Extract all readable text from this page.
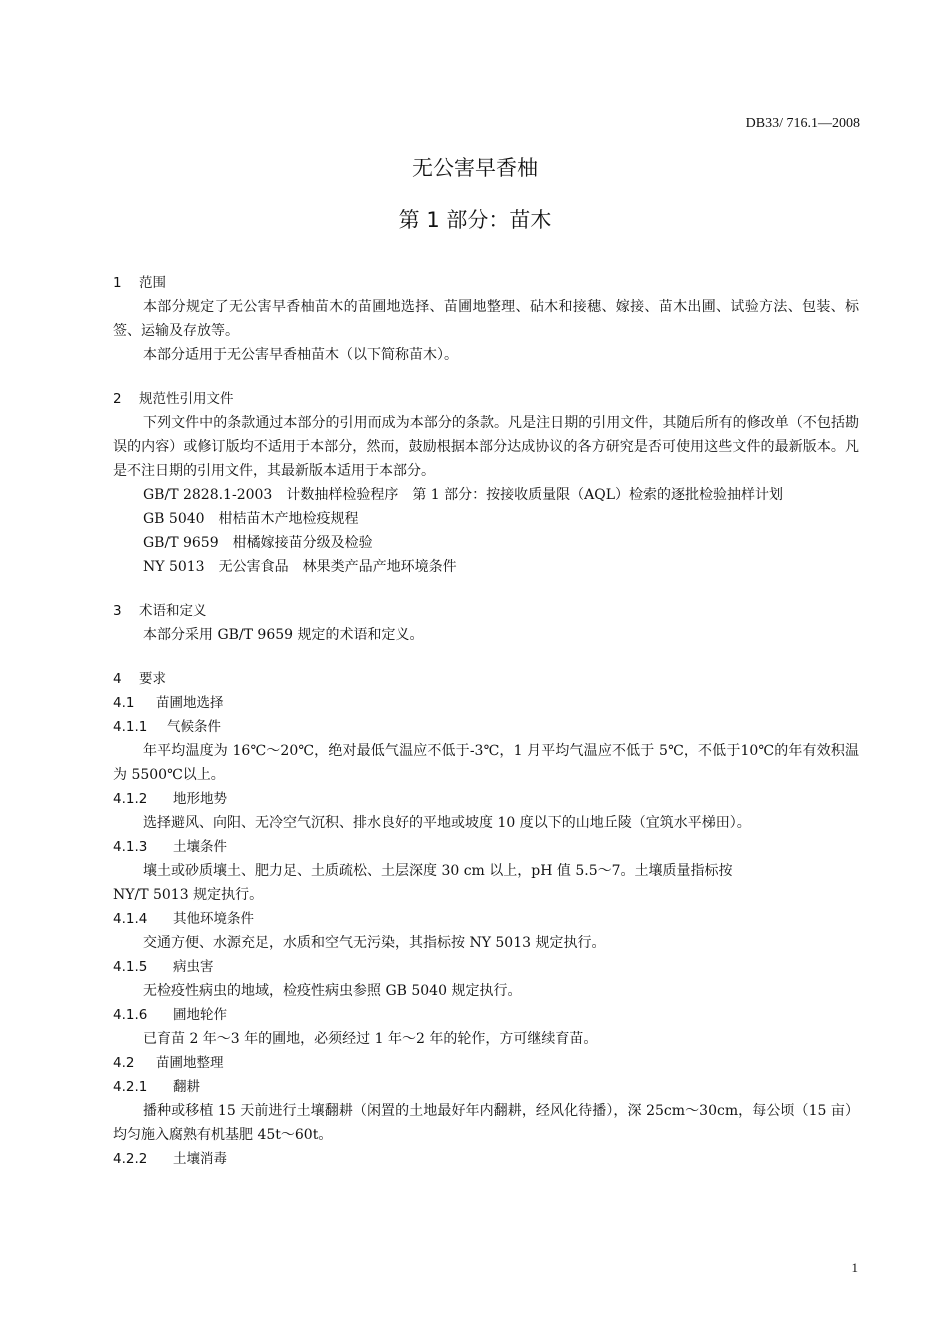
DB33/ 716.1—2008
无公害早香柚
第 1 部分：苗木
1 范围

本部分规定了无公害早香柚苗木的苗圃地选择、苗圃地整理、砧木和接穗、嫁接、苗木出圃、试验方法、包装、标签、运输及存放等。

本部分适用于无公害早香柚苗木（以下简称苗木）。

2 规范性引用文件

下列文件中的条款通过本部分的引用而成为本部分的条款。凡是注日期的引用文件，其随后所有的修改单（不包括勘误的内容）或修订版均不适用于本部分，然而，鼓励根据本部分达成协议的各方研究是否可使用这些文件的最新版本。凡是不注日期的引用文件，其最新版本适用于本部分。

GB/T 2828.1-2003　计数抽样检验程序　第 1 部分：按接收质量限（AQL）检索的逐批检验抽样计划

GB 5040　柑桔苗木产地检疫规程

GB/T 9659　柑橘嫁接苗分级及检验

NY 5013　无公害食品　林果类产品产地环境条件

3 术语和定义

本部分采用 GB/T 9659 规定的术语和定义。

4 要求
4.1 苗圃地选择
4.1.1 气候条件

年平均温度为 16℃～20℃，绝对最低气温应不低于-3℃，1 月平均气温应不低于 5℃，不低于10℃的年有效积温为 5500℃以上。

4.1.2 地形地势

选择避风、向阳、无冷空气沉积、排水良好的平地或坡度 10 度以下的山地丘陵（宜筑水平梯田）。

4.1.3 土壤条件

壤土或砂质壤土、肥力足、土质疏松、土层深度 30 cm 以上，pH 值 5.5～7。土壤质量指标按

NY/T 5013 规定执行。

4.1.4 其他环境条件

交通方便、水源充足，水质和空气无污染，其指标按 NY 5013 规定执行。

4.1.5 病虫害

无检疫性病虫的地域，检疫性病虫参照 GB 5040 规定执行。

4.1.6 圃地轮作

已育苗 2 年～3 年的圃地，必须经过 1 年～2 年的轮作，方可继续育苗。

4.2 苗圃地整理
4.2.1 翻耕

播种或移植 15 天前进行土壤翻耕（闲置的土地最好年内翻耕，经风化待播），深 25cm～30cm，每公顷（15 亩）均匀施入腐熟有机基肥 45t～60t。

4.2.2 土壤消毒
1
